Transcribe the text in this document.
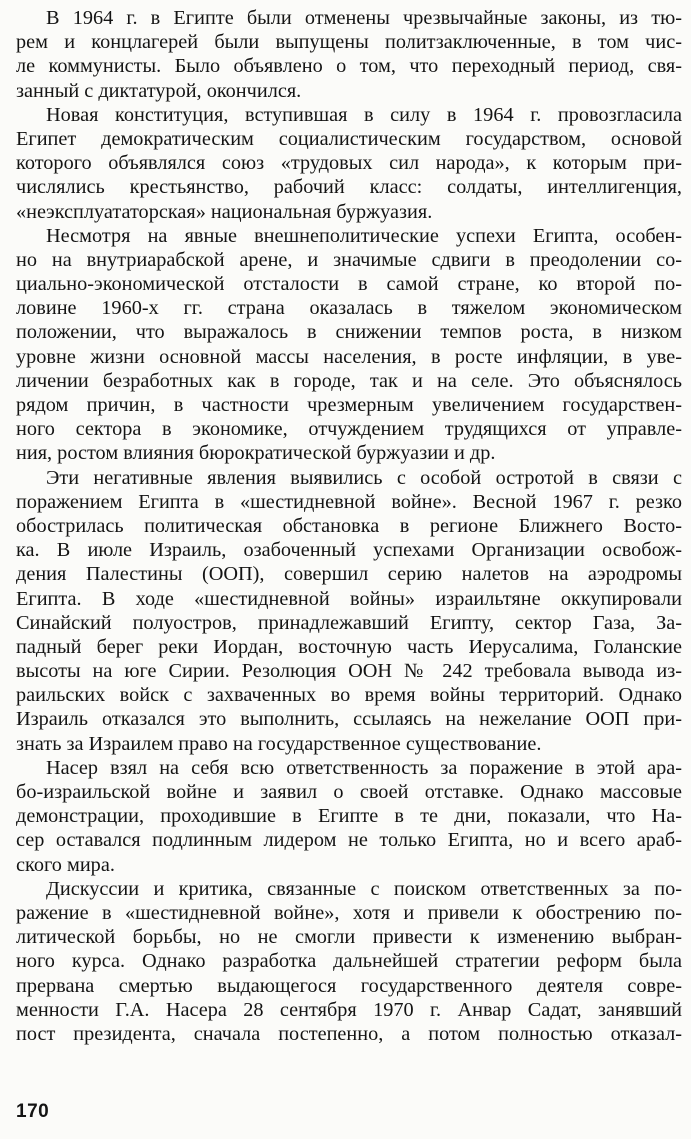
В 1964 г. в Египте были отменены чрезвычайные законы, из тю-
рем и концлагерей были выпущены политзаключенные, в том чис-
ле коммунисты. Было объявлено о том, что переходный период, свя-
занный с диктатурой, окончился.
Новая конституция, вступившая в силу в 1964 г. провозгласила
Египет демократическим социалистическим государством, основой
которого объявлялся союз «трудовых сил народа», к которым при-
числялись крестьянство, рабочий класс: солдаты, интеллигенция,
«неэксплуататорская» национальная буржуазия.
Несмотря на явные внешнеполитические успехи Египта, особен-
но на внутриарабской арене, и значимые сдвиги в преодолении со-
циально-экономической отсталости в самой стране, ко второй по-
ловине 1960-х гг. страна оказалась в тяжелом экономическом
положении, что выражалось в снижении темпов роста, в низком
уровне жизни основной массы населения, в росте инфляции, в уве-
личении безработных как в городе, так и на селе. Это объяснялось
рядом причин, в частности чрезмерным увеличением государствен-
ного сектора в экономике, отчуждением трудящихся от управле-
ния, ростом влияния бюрократической буржуазии и др.
Эти негативные явления выявились с особой остротой в связи с
поражением Египта в «шестидневной войне». Весной 1967 г. резко
обострилась политическая обстановка в регионе Ближнего Восто-
ка. В июле Израиль, озабоченный успехами Организации освобож-
дения Палестины (ООП), совершил серию налетов на аэродромы
Египта. В ходе «шестидневной войны» израильтяне оккупировали
Синайский полуостров, принадлежавший Египту, сектор Газа, За-
падный берег реки Иордан, восточную часть Иерусалима, Голанские
высоты на юге Сирии. Резолюция ООН № 242 требовала вывода из-
раильских войск с захваченных во время войны территорий. Однако
Израиль отказался это выполнить, ссылаясь на нежелание ООП при-
знать за Израилем право на государственное существование.
Насер взял на себя всю ответственность за поражение в этой ара-
бо-израильской войне и заявил о своей отставке. Однако массовые
демонстрации, проходившие в Египте в те дни, показали, что На-
сер оставался подлинным лидером не только Египта, но и всего араб-
ского мира.
Дискуссии и критика, связанные с поиском ответственных за по-
ражение в «шестидневной войне», хотя и привели к обострению по-
литической борьбы, но не смогли привести к изменению выбран-
ного курса. Однако разработка дальнейшей стратегии реформ была
прервана смертью выдающегося государственного деятеля совре-
менности Г.А. Насера 28 сентября 1970 г. Анвар Садат, занявший
пост президента, сначала постепенно, а потом полностью отказал-
170
